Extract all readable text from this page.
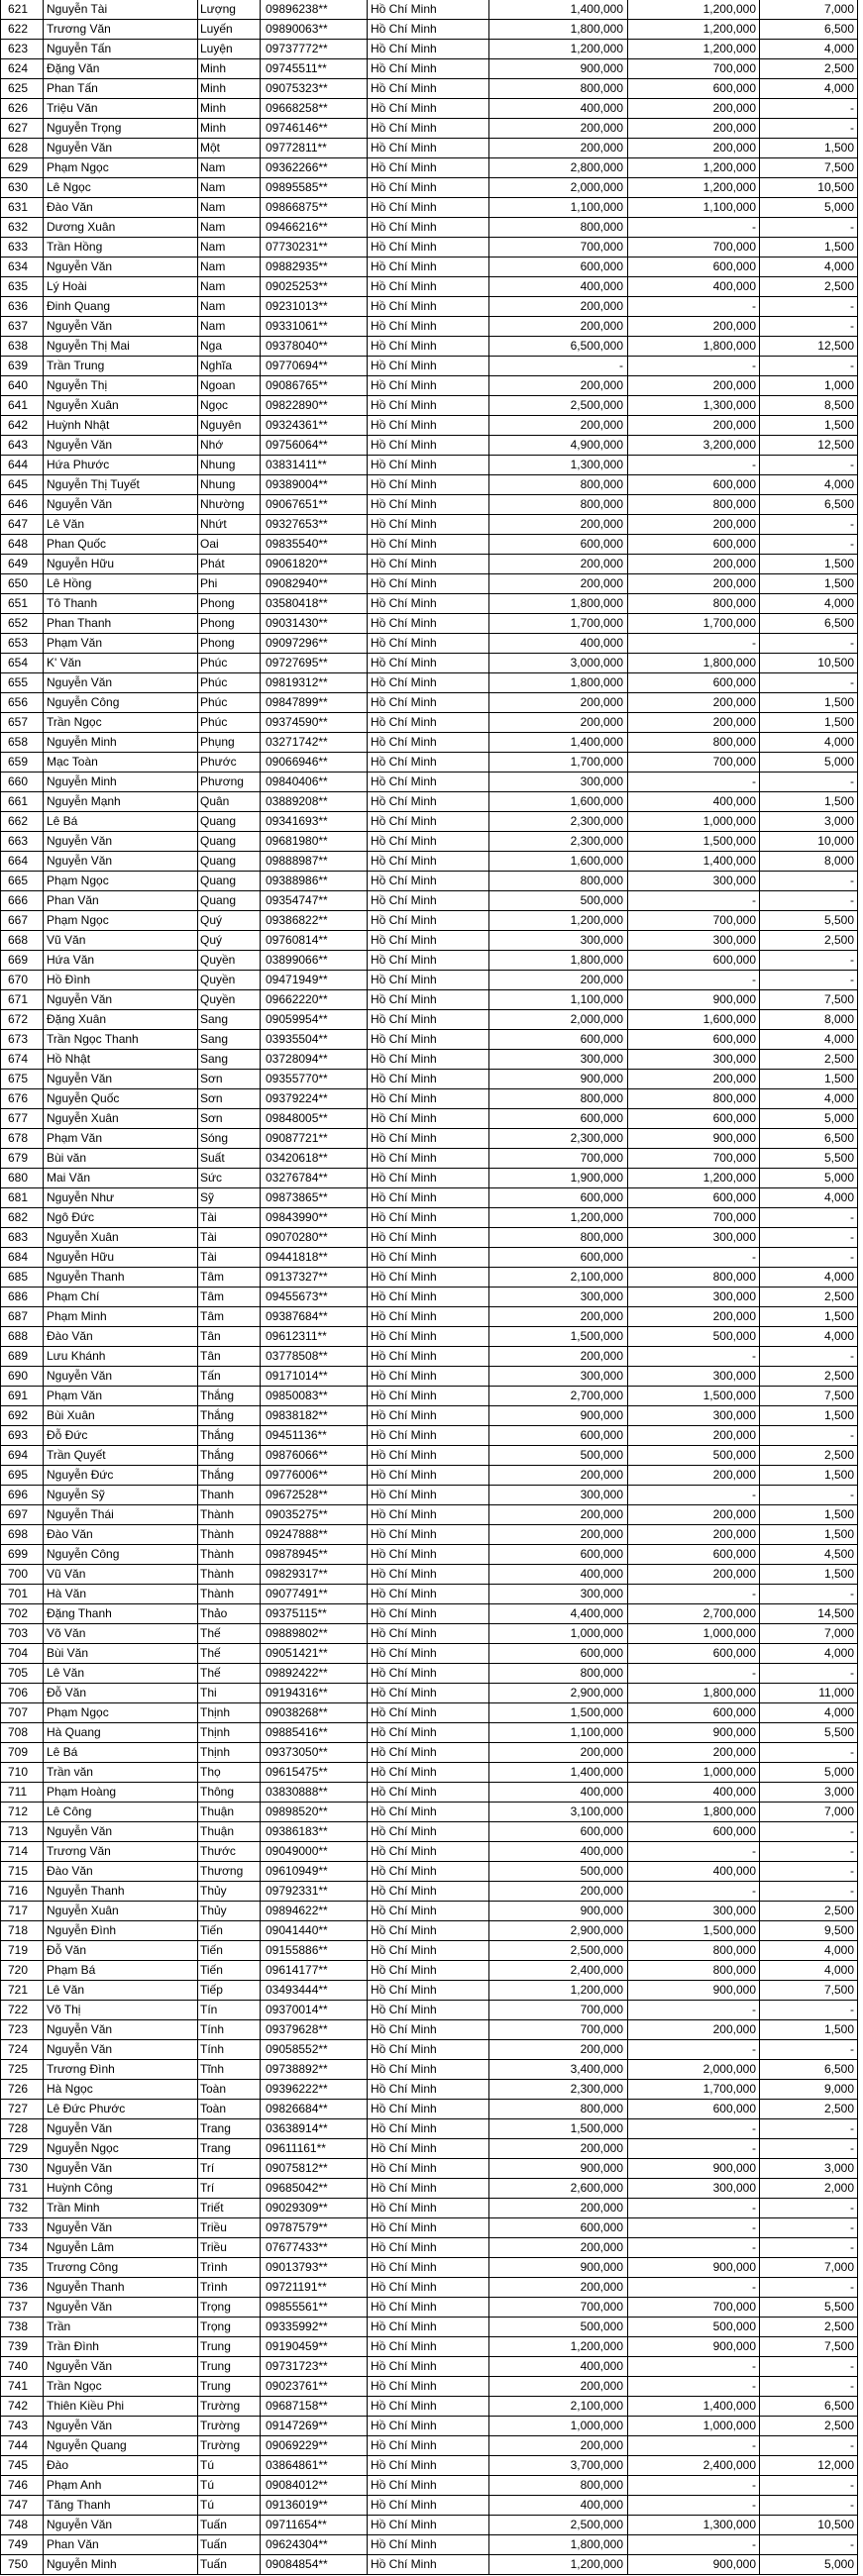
621	Nguyễn Tài	Lượng	09896238**	Hồ Chí Minh	1,400,000	1,200,000	7,000
622	Trương Văn	Luyến	09890063**	Hồ Chí Minh	1,800,000	1,200,000	6,500
623	Nguyễn Tấn	Luyện	09737772**	Hồ Chí Minh	1,200,000	1,200,000	4,000
624	Đặng Văn	Minh	09745511**	Hồ Chí Minh	900,000	700,000	2,500
625	Phan Tấn	Minh	09075323**	Hồ Chí Minh	800,000	600,000	4,000
626	Triệu Văn	Minh	09668258**	Hồ Chí Minh	400,000	200,000	-
627	Nguyễn Trọng	Minh	09746146**	Hồ Chí Minh	200,000	200,000	-
628	Nguyễn Văn	Một	09772811**	Hồ Chí Minh	200,000	200,000	1,500
629	Phạm Ngọc	Nam	09362266**	Hồ Chí Minh	2,800,000	1,200,000	7,500
630	Lê Ngọc	Nam	09895585**	Hồ Chí Minh	2,000,000	1,200,000	10,500
631	Đào Văn	Nam	09866875**	Hồ Chí Minh	1,100,000	1,100,000	5,000
632	Dương Xuân	Nam	09466216**	Hồ Chí Minh	800,000	-	-
633	Trần Hồng	Nam	07730231**	Hồ Chí Minh	700,000	700,000	1,500
634	Nguyễn Văn	Nam	09882935**	Hồ Chí Minh	600,000	600,000	4,000
635	Lý Hoài	Nam	09025253**	Hồ Chí Minh	400,000	400,000	2,500
636	Đinh Quang	Nam	09231013**	Hồ Chí Minh	200,000	-	-
637	Nguyễn Văn	Nam	09331061**	Hồ Chí Minh	200,000	200,000	-
638	Nguyễn Thị Mai	Nga	09378040**	Hồ Chí Minh	6,500,000	1,800,000	12,500
639	Trần Trung	Nghĩa	09770694**	Hồ Chí Minh	-	-	-
640	Nguyễn Thị	Ngoan	09086765**	Hồ Chí Minh	200,000	200,000	1,000
641	Nguyễn Xuân	Ngọc	09822890**	Hồ Chí Minh	2,500,000	1,300,000	8,500
642	Huỳnh Nhật	Nguyên	09324361**	Hồ Chí Minh	200,000	200,000	1,500
643	Nguyễn Văn	Nhớ	09756064**	Hồ Chí Minh	4,900,000	3,200,000	12,500
644	Hứa Phước	Nhung	03831411**	Hồ Chí Minh	1,300,000	-	-
645	Nguyễn Thị Tuyết	Nhung	09389004**	Hồ Chí Minh	800,000	600,000	4,000
646	Nguyễn Văn	Nhường	09067651**	Hồ Chí Minh	800,000	800,000	6,500
647	Lê Văn	Nhứt	09327653**	Hồ Chí Minh	200,000	200,000	-
648	Phan Quốc	Oai	09835540**	Hồ Chí Minh	600,000	600,000	-
649	Nguyễn Hữu	Phát	09061820**	Hồ Chí Minh	200,000	200,000	1,500
650	Lê Hồng	Phi	09082940**	Hồ Chí Minh	200,000	200,000	1,500
651	Tô Thanh	Phong	03580418**	Hồ Chí Minh	1,800,000	800,000	4,000
652	Phan Thanh	Phong	09031430**	Hồ Chí Minh	1,700,000	1,700,000	6,500
653	Phạm Văn	Phong	09097296**	Hồ Chí Minh	400,000	-	-
654	K' Văn	Phúc	09727695**	Hồ Chí Minh	3,000,000	1,800,000	10,500
655	Nguyễn Văn	Phúc	09819312**	Hồ Chí Minh	1,800,000	600,000	-
656	Nguyễn Công	Phúc	09847899**	Hồ Chí Minh	200,000	200,000	1,500
657	Trần Ngọc	Phúc	09374590**	Hồ Chí Minh	200,000	200,000	1,500
658	Nguyễn Minh	Phụng	03271742**	Hồ Chí Minh	1,400,000	800,000	4,000
659	Mạc Toàn	Phước	09066946**	Hồ Chí Minh	1,700,000	700,000	5,000
660	Nguyễn Minh	Phương	09840406**	Hồ Chí Minh	300,000	-	-
661	Nguyễn Mạnh	Quân	03889208**	Hồ Chí Minh	1,600,000	400,000	1,500
662	Lê Bá	Quang	09341693**	Hồ Chí Minh	2,300,000	1,000,000	3,000
663	Nguyễn Văn	Quang	09681980**	Hồ Chí Minh	2,300,000	1,500,000	10,000
664	Nguyễn Văn	Quang	09888987**	Hồ Chí Minh	1,600,000	1,400,000	8,000
665	Phạm Ngọc	Quang	09388986**	Hồ Chí Minh	800,000	300,000	-
666	Phan Văn	Quang	09354747**	Hồ Chí Minh	500,000	-	-
667	Phạm Ngọc	Quý	09386822**	Hồ Chí Minh	1,200,000	700,000	5,500
668	Vũ Văn	Quý	09760814**	Hồ Chí Minh	300,000	300,000	2,500
669	Hứa Văn	Quyền	03899066**	Hồ Chí Minh	1,800,000	600,000	-
670	Hồ Đình	Quyền	09471949**	Hồ Chí Minh	200,000	-	-
671	Nguyễn Văn	Quyền	09662220**	Hồ Chí Minh	1,100,000	900,000	7,500
672	Đặng Xuân	Sang	09059954**	Hồ Chí Minh	2,000,000	1,600,000	8,000
673	Trần Ngọc Thanh	Sang	03935504**	Hồ Chí Minh	600,000	600,000	4,000
674	Hồ Nhật	Sang	03728094**	Hồ Chí Minh	300,000	300,000	2,500
675	Nguyễn Văn	Sơn	09355770**	Hồ Chí Minh	900,000	200,000	1,500
676	Nguyễn Quốc	Sơn	09379224**	Hồ Chí Minh	800,000	800,000	4,000
677	Nguyễn Xuân	Sơn	09848005**	Hồ Chí Minh	600,000	600,000	5,000
678	Phạm Văn	Sóng	09087721**	Hồ Chí Minh	2,300,000	900,000	6,500
679	Bùi văn	Suất	03420618**	Hồ Chí Minh	700,000	700,000	5,500
680	Mai Văn	Sức	03276784**	Hồ Chí Minh	1,900,000	1,200,000	5,000
681	Nguyễn Như	Sỹ	09873865**	Hồ Chí Minh	600,000	600,000	4,000
682	Ngô Đức	Tài	09843990**	Hồ Chí Minh	1,200,000	700,000	-
683	Nguyễn Xuân	Tài	09070280**	Hồ Chí Minh	800,000	300,000	-
684	Nguyễn Hữu	Tài	09441818**	Hồ Chí Minh	600,000	-	-
685	Nguyễn Thanh	Tâm	09137327**	Hồ Chí Minh	2,100,000	800,000	4,000
686	Phạm Chí	Tâm	09455673**	Hồ Chí Minh	300,000	300,000	2,500
687	Phạm Minh	Tâm	09387684**	Hồ Chí Minh	200,000	200,000	1,500
688	Đào Văn	Tân	09612311**	Hồ Chí Minh	1,500,000	500,000	4,000
689	Lưu Khánh	Tân	03778508**	Hồ Chí Minh	200,000	-	-
690	Nguyễn Văn	Tấn	09171014**	Hồ Chí Minh	300,000	300,000	2,500
691	Phạm Văn	Thắng	09850083**	Hồ Chí Minh	2,700,000	1,500,000	7,500
692	Bùi Xuân	Thắng	09838182**	Hồ Chí Minh	900,000	300,000	1,500
693	Đỗ Đức	Thắng	09451136**	Hồ Chí Minh	600,000	200,000	-
694	Trần Quyết	Thắng	09876066**	Hồ Chí Minh	500,000	500,000	2,500
695	Nguyễn Đức	Thắng	09776006**	Hồ Chí Minh	200,000	200,000	1,500
696	Nguyễn Sỹ	Thanh	09672528**	Hồ Chí Minh	300,000	-	-
697	Nguyễn Thái	Thành	09035275**	Hồ Chí Minh	200,000	200,000	1,500
698	Đào Văn	Thành	09247888**	Hồ Chí Minh	200,000	200,000	1,500
699	Nguyễn Công	Thành	09878945**	Hồ Chí Minh	600,000	600,000	4,500
700	Vũ Văn	Thành	09829317**	Hồ Chí Minh	400,000	200,000	1,500
701	Hà Văn	Thành	09077491**	Hồ Chí Minh	300,000	-	-
702	Đặng Thanh	Thảo	09375115**	Hồ Chí Minh	4,400,000	2,700,000	14,500
703	Võ Văn	Thế	09889802**	Hồ Chí Minh	1,000,000	1,000,000	7,000
704	Bùi Văn	Thế	09051421**	Hồ Chí Minh	600,000	600,000	4,000
705	Lê Văn	Thế	09892422**	Hồ Chí Minh	800,000	-	-
706	Đỗ Văn	Thi	09194316**	Hồ Chí Minh	2,900,000	1,800,000	11,000
707	Phạm Ngọc	Thịnh	09038268**	Hồ Chí Minh	1,500,000	600,000	4,000
708	Hà Quang	Thịnh	09885416**	Hồ Chí Minh	1,100,000	900,000	5,500
709	Lê Bá	Thịnh	09373050**	Hồ Chí Minh	200,000	200,000	-
710	Trần văn	Thọ	09615475**	Hồ Chí Minh	1,400,000	1,000,000	5,000
711	Phạm Hoàng	Thông	03830888**	Hồ Chí Minh	400,000	400,000	3,000
712	Lê Công	Thuận	09898520**	Hồ Chí Minh	3,100,000	1,800,000	7,000
713	Nguyễn Văn	Thuận	09386183**	Hồ Chí Minh	600,000	600,000	-
714	Trương Văn	Thước	09049000**	Hồ Chí Minh	400,000	-	-
715	Đào Văn	Thương	09610949**	Hồ Chí Minh	500,000	400,000	-
716	Nguyễn Thanh	Thủy	09792331**	Hồ Chí Minh	200,000	-	-
717	Nguyễn Xuân	Thủy	09894622**	Hồ Chí Minh	900,000	300,000	2,500
718	Nguyễn Đình	Tiến	09041440**	Hồ Chí Minh	2,900,000	1,500,000	9,500
719	Đỗ Văn	Tiến	09155886**	Hồ Chí Minh	2,500,000	800,000	4,000
720	Phạm Bá	Tiến	09614177**	Hồ Chí Minh	2,400,000	800,000	4,000
721	Lê Văn	Tiếp	03493444**	Hồ Chí Minh	1,200,000	900,000	7,500
722	Võ Thị	Tín	09370014**	Hồ Chí Minh	700,000	-	-
723	Nguyễn Văn	Tính	09379628**	Hồ Chí Minh	700,000	200,000	1,500
724	Nguyễn Văn	Tính	09058552**	Hồ Chí Minh	200,000	-	-
725	Trương Đình	Tĩnh	09738892**	Hồ Chí Minh	3,400,000	2,000,000	6,500
726	Hà Ngọc	Toàn	09396222**	Hồ Chí Minh	2,300,000	1,700,000	9,000
727	Lê Đức Phước	Toàn	09826684**	Hồ Chí Minh	800,000	600,000	2,500
728	Nguyễn Văn	Trang	03638914**	Hồ Chí Minh	1,500,000	-	-
729	Nguyễn Ngọc	Trang	09611161**	Hồ Chí Minh	200,000	-	-
730	Nguyễn Văn	Trí	09075812**	Hồ Chí Minh	900,000	900,000	3,000
731	Huỳnh Công	Trí	09685042**	Hồ Chí Minh	2,600,000	300,000	2,000
732	Trần Minh	Triết	09029309**	Hồ Chí Minh	200,000	-	-
733	Nguyễn Văn	Triều	09787579**	Hồ Chí Minh	600,000	-	-
734	Nguyễn Lâm	Triều	07677433**	Hồ Chí Minh	200,000	-	-
735	Trương Công	Trình	09013793**	Hồ Chí Minh	900,000	900,000	7,000
736	Nguyễn Thanh	Trình	09721191**	Hồ Chí Minh	200,000	-	-
737	Nguyễn Văn	Trọng	09855561**	Hồ Chí Minh	700,000	700,000	5,500
738	Trần	Trọng	09335992**	Hồ Chí Minh	500,000	500,000	2,500
739	Trần Đình	Trung	09190459**	Hồ Chí Minh	1,200,000	900,000	7,500
740	Nguyễn Văn	Trung	09731723**	Hồ Chí Minh	400,000	-	-
741	Trần Ngọc	Trung	09023761**	Hồ Chí Minh	200,000	-	-
742	Thiên Kiều Phi	Trường	09687158**	Hồ Chí Minh	2,100,000	1,400,000	6,500
743	Nguyễn Văn	Trường	09147269**	Hồ Chí Minh	1,000,000	1,000,000	2,500
744	Nguyễn Quang	Trường	09069229**	Hồ Chí Minh	200,000	-	-
745	Đào	Tú	03864861**	Hồ Chí Minh	3,700,000	2,400,000	12,000
746	Phạm Anh	Tú	09084012**	Hồ Chí Minh	800,000	-	-
747	Tăng Thanh	Tú	09136019**	Hồ Chí Minh	400,000	-	-
748	Nguyễn Văn	Tuấn	09711654**	Hồ Chí Minh	2,500,000	1,300,000	10,500
749	Phan Văn	Tuấn	09624304**	Hồ Chí Minh	1,800,000	-	-
750	Nguyễn Minh	Tuấn	09084854**	Hồ Chí Minh	1,200,000	900,000	5,000
